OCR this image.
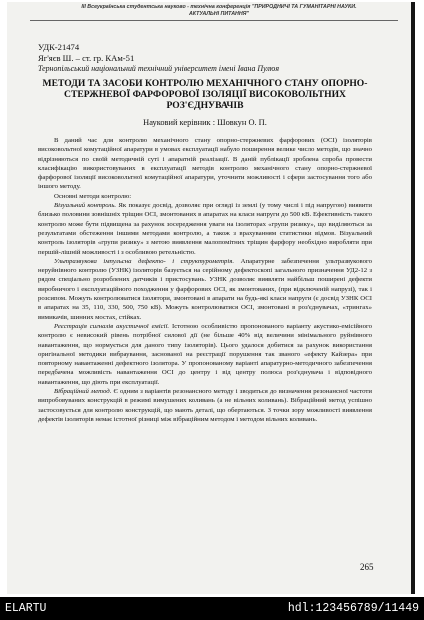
III Всеукраїнська студентська науково - технічна конференція "ПРИРОДНИЧІ ТА ГУМАНІТАРНІ НАУКИ.
АКТУАЛЬНІ ПИТАННЯ"
УДК-21474
Яг'яєв Ш. – ст. гр. КАм-51
Тернопільський національний технічний університет імені Івана Пулюя
МЕТОДИ ТА ЗАСОБИ КОНТРОЛЮ МЕХАНІЧНОГО СТАНУ ОПОРНО-СТЕРЖНЕВОЇ ФАРФОРОВОЇ ІЗОЛЯЦІЇ ВИСОКОВОЛЬТНИХ РОЗ'ЄДНУВАЧІВ
Науковий керівник : Шовкун О. П.

В даний час для контролю механічного стану опорно-стержневих фарфорових (ОСІ) ізоляторів високовольтної комутаційної апаратури в умовах експлуатації набуло поширення велике число методів, що значно відрізняються по своїй методичній суті і апаратній реалізації. В даній публікації зроблена спроба провести класифікацію використовуваних в експлуатації методів контролю механічного стану опорно-стержневої фарфорової ізоляції високовольтної комутаційної апаратури, уточнити можливості і сфери застосування того або іншого методу.

Основні методи контролю:

Візуальний контроль. Як показує досвід, дозволяє при огляді із землі (у тому числі і під напругою) виявити близько половини зовнішніх тріщин ОСІ, змонтованих в апаратах на класи напруги до 500 кВ. Ефективність такого контролю може бути підвищена за рахунок зосередження уваги на ізоляторах «групи ризику», що виділяються за результатами обстеження іншими методами контролю, а також з врахуванням статистики відмов. Візуальний контроль ізоляторів «групи ризику» з метою виявлення малопомітних тріщин фарфору необхідно виробляти при першій-лішній можливості і з особливою ретельністю.

Ультразвукова імпульсна дефекто- і структурометрія. Апаратурне забезпечення ультразвукового неруйнівного контролю (УЗНК) ізоляторів базується на серійному дефектоскопі загального призначення УД2-12 з рядом спеціально розроблених датчиків і пристосувань. УЗНК дозволяє виявляти найбільш поширені дефекти виробничого і експлуатаційного походження у фарфорових ОСІ, як змонтованих, (при відключеній напрузі), так і розсипом. Можуть контролюватися ізолятори, змонтовані в апарати на будь-які класи напруги (є досвід УЗНК ОСІ в апаратах на 35, 110, 330, 500, 750 кВ). Можуть контролюватися ОСІ, змонтовані в роз'єднувачах, «трингах» вимикачів, шинних мостах, стійках.

Реєстрація сигналів акустичної емісії. Істотною особливістю пропонованого варіанту акустико-емісійного контролю є невисокий рівень потрібної силової дії (не більше 40% від величини мінімального руйнівного навантаження, що нормується для даного типу ізоляторів). Цього удалося добитися за рахунок використання оригінальної методики вибраування, заснованої на реєстрації порушення так званого «ефекту Кайзера» при повторному навантаженні дефектного ізолятора. У пропонованому варіанті апаратурно-методичного забезпечення передбачена можливість навантаження ОСІ до центру і від центру полюса роз'єднувача і відповідного навантаження, що діють при експлуатації.

Вібраційний метод. Є одним з варіантів резонансного методу і зводиться до визначення резонансної частоти випробовуваних конструкцій в режимі вимушених коливань (а не вільних коливань). Вібраційний метод успішно застосовується для контролю конструкцій, що мають деталі, що обертаються. З точки зору можливості виявлення дефектів ізоляторів немає істотної різниці між вібраційним методом і методом вільних коливань.

265
ELARTU	hdl:123456789/11449
